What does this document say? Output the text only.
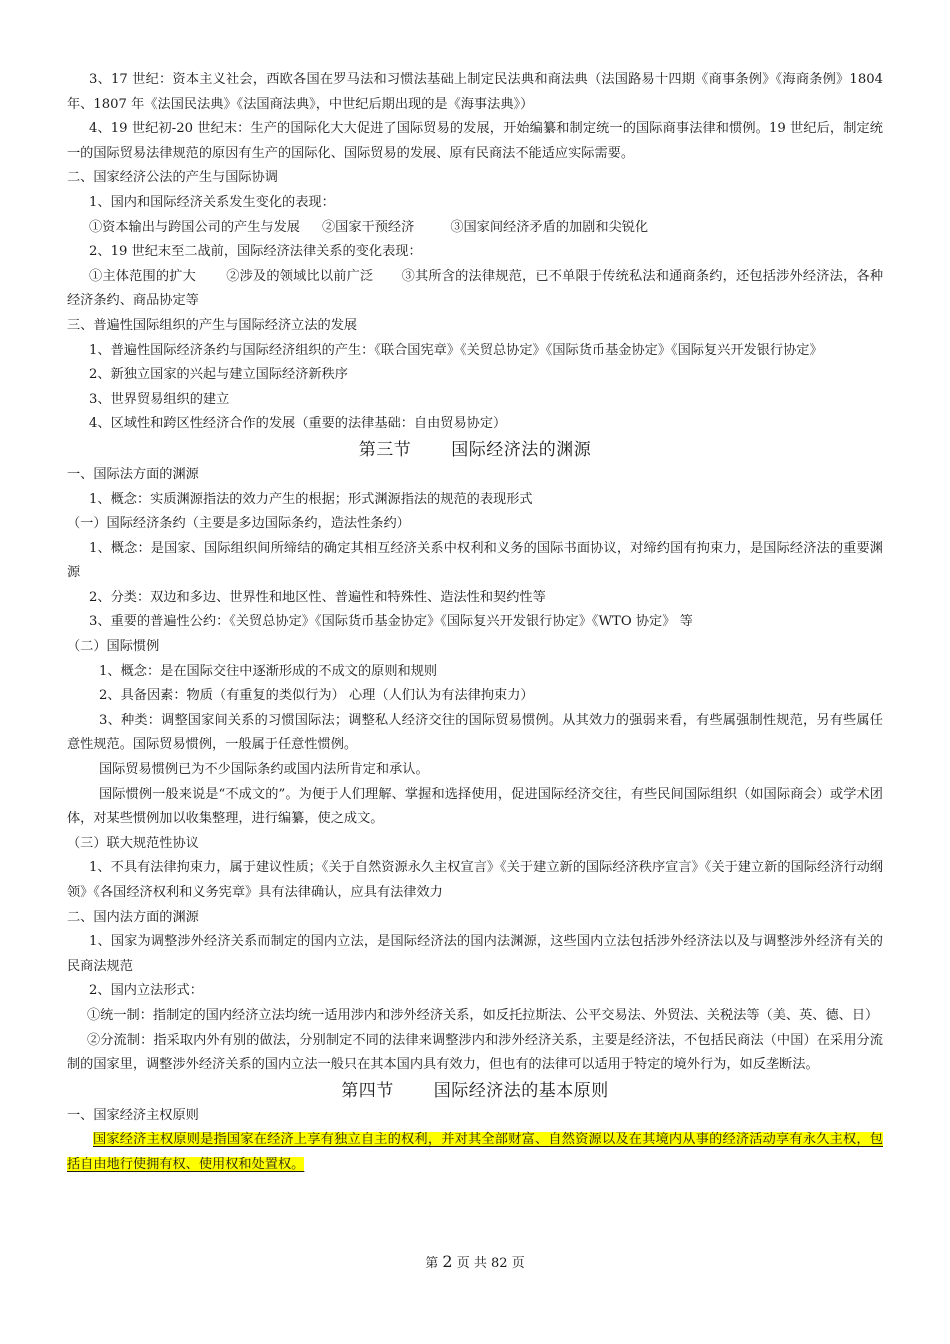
3、17 世纪：资本主义社会，西欧各国在罗马法和习惯法基础上制定民法典和商法典（法国路易十四期《商事条例》《海商条例》1804 年、1807 年《法国民法典》《法国商法典》，中世纪后期出现的是《海事法典》）

4、19 世纪初-20 世纪末：生产的国际化大大促进了国际贸易的发展，开始编纂和制定统一的国际商事法律和惯例。19 世纪后，制定统一的国际贸易法律规范的原因有生产的国际化、国际贸易的发展、原有民商法不能适应实际需要。

二、国家经济公法的产生与国际协调

1、国内和国际经济关系发生变化的表现：

①资本输出与跨国公司的产生与发展 ②国家干预经济	③国家间经济矛盾的加剧和尖锐化

2、19 世纪末至二战前，国际经济法律关系的变化表现：

①主体范围的扩大 ②涉及的领域比以前广泛 ③其所含的法律规范，已不单限于传统私法和通商条约，还包括涉外经济法，各种经济条约、商品协定等

三、普遍性国际组织的产生与国际经济立法的发展

1、普遍性国际经济条约与国际经济组织的产生：《联合国宪章》《关贸总协定》《国际货币基金协定》《国际复兴开发银行协定》

2、新独立国家的兴起与建立国际经济新秩序

3、世界贸易组织的建立

4、区域性和跨区性经济合作的发展（重要的法律基础：自由贸易协定）

第三节 国际经济法的渊源

一、国际法方面的渊源

1、概念：实质渊源指法的效力产生的根据；形式渊源指法的规范的表现形式

（一）国际经济条约（主要是多边国际条约，造法性条约）

1、概念：是国家、国际组织间所缔结的确定其相互经济关系中权利和义务的国际书面协议，对缔约国有拘束力，是国际经济法的重要渊源

2、分类：双边和多边、世界性和地区性、普遍性和特殊性、造法性和契约性等

3、重要的普遍性公约：《关贸总协定》《国际货币基金协定》《国际复兴开发银行协定》《WTO 协定》 等

（二）国际惯例

1、概念：是在国际交往中逐渐形成的不成文的原则和规则

2、具备因素：物质（有重复的类似行为） 心理（人们认为有法律拘束力）

3、种类：调整国家间关系的习惯国际法；调整私人经济交往的国际贸易惯例。从其效力的强弱来看，有些属强制性规范，另有些属任意性规范。国际贸易惯例，一般属于任意性惯例。

国际贸易惯例已为不少国际条约或国内法所肯定和承认。

国际惯例一般来说是“不成文的”。为便于人们理解、掌握和选择使用，促进国际经济交往，有些民间国际组织（如国际商会）或学术团体，对某些惯例加以收集整理，进行编纂，使之成文。

（三）联大规范性协议

1、不具有法律拘束力，属于建议性质；《关于自然资源永久主权宣言》《关于建立新的国际经济秩序宣言》《关于建立新的国际经济行动纲领》《各国经济权利和义务宪章》具有法律确认，应具有法律效力

二、国内法方面的渊源

1、国家为调整涉外经济关系而制定的国内立法，是国际经济法的国内法渊源，这些国内立法包括涉外经济法以及与调整涉外经济有关的民商法规范

2、国内立法形式：

①统一制：指制定的国内经济立法均统一适用涉内和涉外经济关系，如反托拉斯法、公平交易法、外贸法、关税法等（美、英、德、日）

②分流制：指采取内外有别的做法，分别制定不同的法律来调整涉内和涉外经济关系，主要是经济法，不包括民商法（中国）在采用分流制的国家里，调整涉外经济关系的国内立法一般只在其本国内具有效力，但也有的法律可以适用于特定的境外行为，如反垄断法。

第四节 国际经济法的基本原则

一、国家经济主权原则

国家经济主权原则是指国家在经济上享有独立自主的权利，并对其全部财富、自然资源以及在其境内从事的经济活动享有永久主权，包括自由地行使拥有权、使用权和处置权。

第 2 页 共 82 页
